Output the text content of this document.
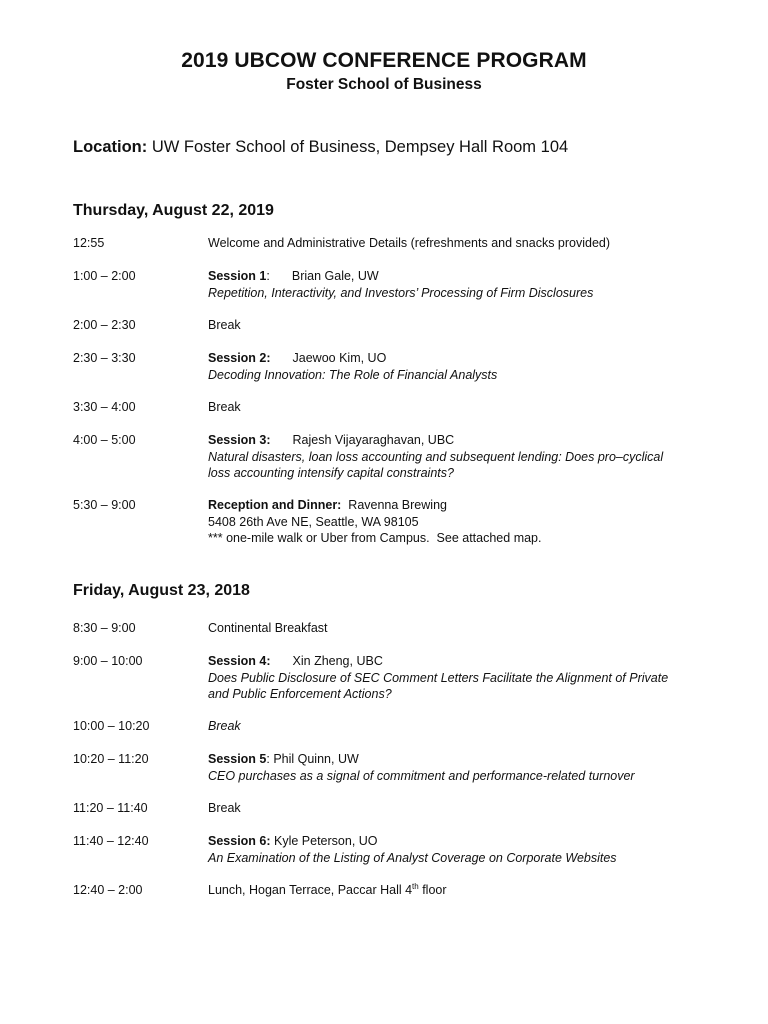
2019 UBCOW CONFERENCE PROGRAM
Foster School of Business
Location: UW Foster School of Business, Dempsey Hall Room 104
Thursday, August 22, 2019
12:55	Welcome and Administrative Details (refreshments and snacks provided)
1:00 – 2:00	Session 1: Brian Gale, UW
Repetition, Interactivity, and Investors’ Processing of Firm Disclosures
2:00 – 2:30	Break
2:30 – 3:30	Session 2: Jaewoo Kim, UO
Decoding Innovation: The Role of Financial Analysts
3:30 – 4:00	Break
4:00 – 5:00	Session 3: Rajesh Vijayaraghavan, UBC
Natural disasters, loan loss accounting and subsequent lending: Does pro–cyclical
loss accounting intensify capital constraints?
5:30 – 9:00	Reception and Dinner: Ravenna Brewing
5408 26th Ave NE, Seattle, WA 98105
*** one-mile walk or Uber from Campus.  See attached map.
Friday, August 23, 2018
8:30 – 9:00	Continental Breakfast
9:00 – 10:00	Session 4: Xin Zheng, UBC
Does Public Disclosure of SEC Comment Letters Facilitate the Alignment of Private
and Public Enforcement Actions?
10:00 – 10:20	Break
10:20 – 11:20	Session 5: Phil Quinn, UW
CEO purchases as a signal of commitment and performance-related turnover
11:20 – 11:40	Break
11:40 – 12:40	Session 6: Kyle Peterson, UO
An Examination of the Listing of Analyst Coverage on Corporate Websites
12:40 – 2:00	Lunch, Hogan Terrace, Paccar Hall 4th floor
